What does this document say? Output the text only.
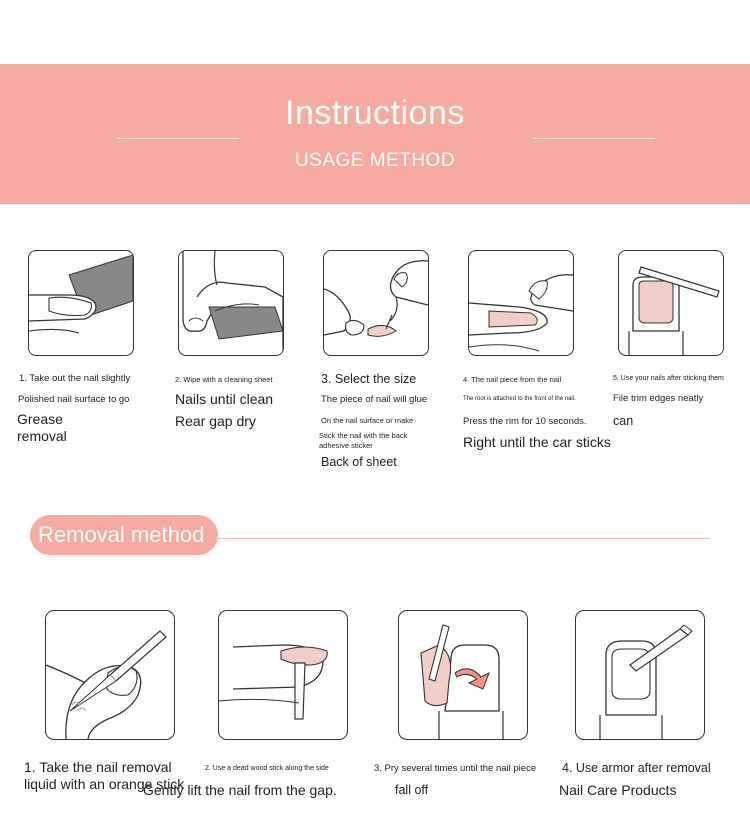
Instructions
USAGE METHOD
1. Take out the nail slightly
Polished nail surface to go
Grease
removal
2. Wipe with a cleaning sheet
Nails until clean
Rear gap dry
3. Select the size
The piece of nail will glue
On the nail surface or make
Stick the nail with the back
adhesive sticker
Back of sheet
4. The nail piece from the nail
The root is attached to the front of the nail.
Press the rim for 10 seconds.
Right until the car sticks
5. Use your nails after sticking them
File trim edges neatly
can
Removal method
1. Take the nail removal
liquid with an orange stick
2. Use a dead wood stick along the side
Gently lift the nail from the gap.
3. Pry several times until the nail piece
fall off
4. Use armor after removal
Nail Care Products
